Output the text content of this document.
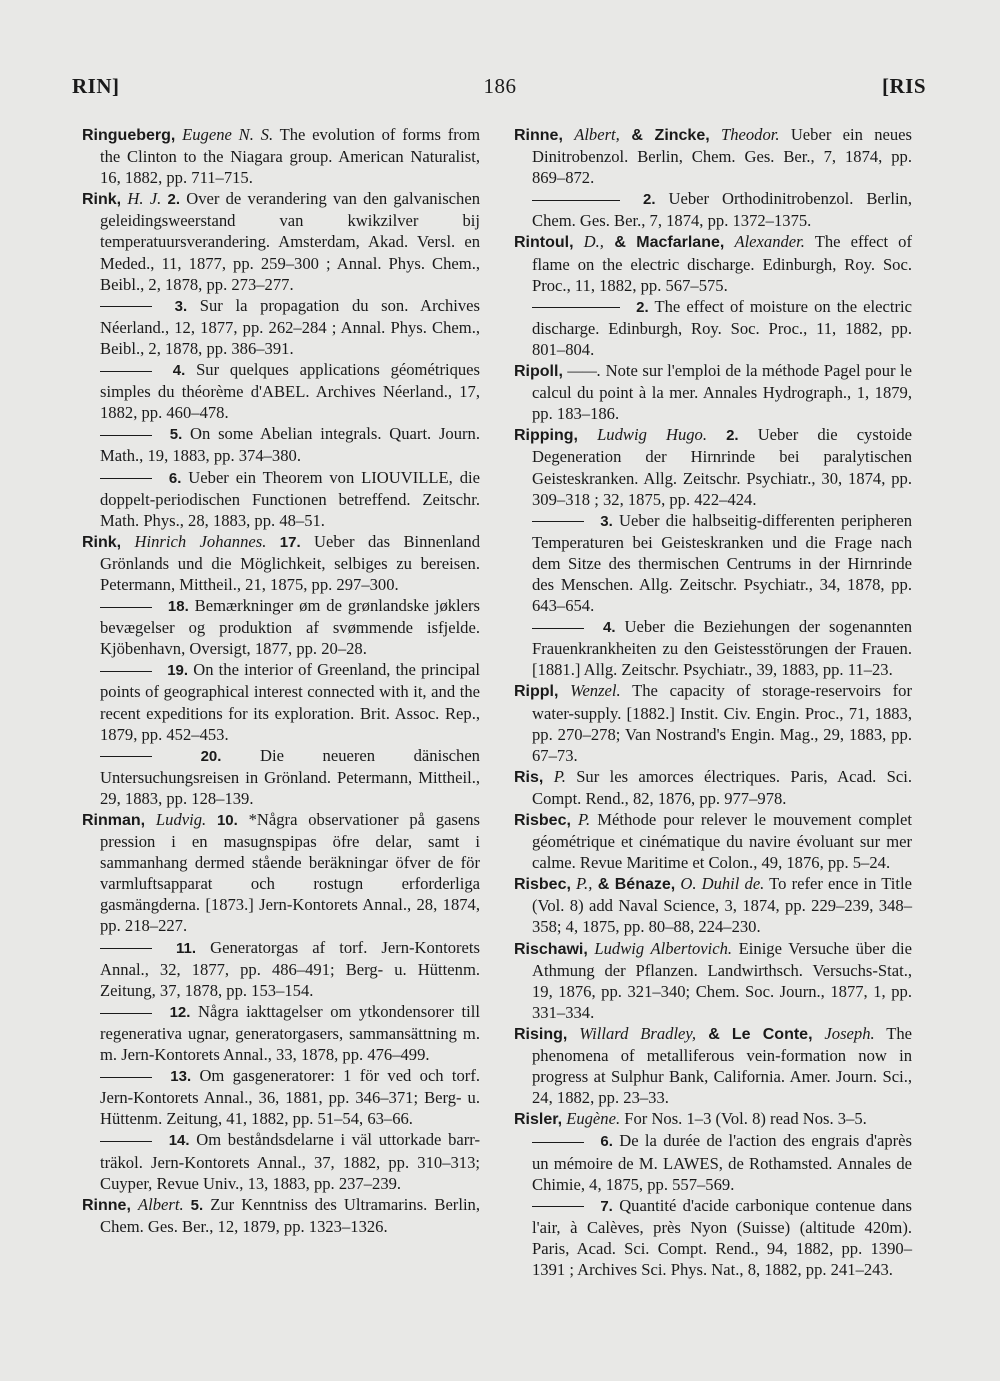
RIN]	186	[RIS

Ringueberg, Eugene N. S. The evolution of forms from the Clinton to the Niagara group. American Naturalist, 16, 1882, pp. 711–715.

Rink, H. J. 2. Over de verandering van den galvanischen geleidingsweerstand van kwikzilver bij temperatuursverandering. Amsterdam, Akad. Versl. en Meded., 11, 1877, pp. 259–300 ; Annal. Phys. Chem., Beibl., 2, 1878, pp. 273–277.

3. Sur la propagation du son. Archives Néerland., 12, 1877, pp. 262–284 ; Annal. Phys. Chem., Beibl., 2, 1878, pp. 386–391.

4. Sur quelques applications géométriques simples du théorème d'ABEL. Archives Néerland., 17, 1882, pp. 460–478.

5. On some Abelian integrals. Quart. Journ. Math., 19, 1883, pp. 374–380.

6. Ueber ein Theorem von LIOUVILLE, die doppelt-periodischen Functionen betreffend. Zeitschr. Math. Phys., 28, 1883, pp. 48–51.

Rink, Hinrich Johannes. 17. Ueber das Binnenland Grönlands und die Möglichkeit, selbiges zu bereisen. Petermann, Mittheil., 21, 1875, pp. 297–300.

18. Bemærkninger øm de grønlandske jøklers bevægelser og produktion af svømmende isfjelde. Kjöbenhavn, Oversigt, 1877, pp. 20–28.

19. On the interior of Greenland, the principal points of geographical interest connected with it, and the recent expeditions for its exploration. Brit. Assoc. Rep., 1879, pp. 452–453.

20. Die neueren dänischen Untersuchungsreisen in Grönland. Petermann, Mittheil., 29, 1883, pp. 128–139.

Rinman, Ludvig. 10. *Några observationer på gasens pression i en masugnspipas öfre delar, samt i sammanhang dermed stående beräkningar öfver de för varmluftsapparat och rostugn erforderliga gasmängderna. [1873.] Jern-Kontorets Annal., 28, 1874, pp. 218–227.

11. Generatorgas af torf. Jern-Kontorets Annal., 32, 1877, pp. 486–491; Berg- u. Hüttenm. Zeitung, 37, 1878, pp. 153–154.

12. Några iakttagelser om ytkondensorer till regenerativa ugnar, generatorgasers, sammansättning m. m. Jern-Kontorets Annal., 33, 1878, pp. 476–499.

13. Om gasgeneratorer: 1 för ved och torf. Jern-Kontorets Annal., 36, 1881, pp. 346–371; Berg- u. Hüttenm. Zeitung, 41, 1882, pp. 51–54, 63–66.

14. Om beståndsdelarne i väl uttorkade barr-träkol. Jern-Kontorets Annal., 37, 1882, pp. 310–313; Cuyper, Revue Univ., 13, 1883, pp. 237–239.

Rinne, Albert. 5. Zur Kenntniss des Ultramarins. Berlin, Chem. Ges. Ber., 12, 1879, pp. 1323–1326.

Rinne, Albert, & Zincke, Theodor. Ueber ein neues Dinitrobenzol. Berlin, Chem. Ges. Ber., 7, 1874, pp. 869–872.

2. Ueber Orthodinitrobenzol. Berlin, Chem. Ges. Ber., 7, 1874, pp. 1372–1375.

Rintoul, D., & Macfarlane, Alexander. The effect of flame on the electric discharge. Edinburgh, Roy. Soc. Proc., 11, 1882, pp. 567–575.

2. The effect of moisture on the electric discharge. Edinburgh, Roy. Soc. Proc., 11, 1882, pp. 801–804.

Ripoll, ——. Note sur l'emploi de la méthode Pagel pour le calcul du point à la mer. Annales Hydrograph., 1, 1879, pp. 183–186.

Ripping, Ludwig Hugo. 2. Ueber die cystoide Degeneration der Hirnrinde bei paralytischen Geisteskranken. Allg. Zeitschr. Psychiatr., 30, 1874, pp. 309–318 ; 32, 1875, pp. 422–424.

3. Ueber die halbseitig-differenten peripheren Temperaturen bei Geisteskranken und die Frage nach dem Sitze des thermischen Centrums in der Hirnrinde des Menschen. Allg. Zeitschr. Psychiatr., 34, 1878, pp. 643–654.

4. Ueber die Beziehungen der sogenannten Frauenkrankheiten zu den Geistesstörungen der Frauen. [1881.] Allg. Zeitschr. Psychiatr., 39, 1883, pp. 11–23.

Rippl, Wenzel. The capacity of storage-reservoirs for water-supply. [1882.] Instit. Civ. Engin. Proc., 71, 1883, pp. 270–278; Van Nostrand's Engin. Mag., 29, 1883, pp. 67–73.

Ris, P. Sur les amorces électriques. Paris, Acad. Sci. Compt. Rend., 82, 1876, pp. 977–978.

Risbec, P. Méthode pour relever le mouvement complet géométrique et cinématique du navire évoluant sur mer calme. Revue Maritime et Colon., 49, 1876, pp. 5–24.

Risbec, P., & Bénaze, O. Duhil de. To refer ence in Title (Vol. 8) add Naval Science, 3, 1874, pp. 229–239, 348–358; 4, 1875, pp. 80–88, 224–230.

Rischawi, Ludwig Albertovich. Einige Versuche über die Athmung der Pflanzen. Landwirthsch. Versuchs-Stat., 19, 1876, pp. 321–340; Chem. Soc. Journ., 1877, 1, pp. 331–334.

Rising, Willard Bradley, & Le Conte, Joseph. The phenomena of metalliferous vein-formation now in progress at Sulphur Bank, California. Amer. Journ. Sci., 24, 1882, pp. 23–33.

Risler, Eugène. For Nos. 1–3 (Vol. 8) read Nos. 3–5.

6. De la durée de l'action des engrais d'après un mémoire de M. LAWES, de Rothamsted. Annales de Chimie, 4, 1875, pp. 557–569.

7. Quantité d'acide carbonique contenue dans l'air, à Calèves, près Nyon (Suisse) (altitude 420m). Paris, Acad. Sci. Compt. Rend., 94, 1882, pp. 1390–1391 ; Archives Sci. Phys. Nat., 8, 1882, pp. 241–243.
